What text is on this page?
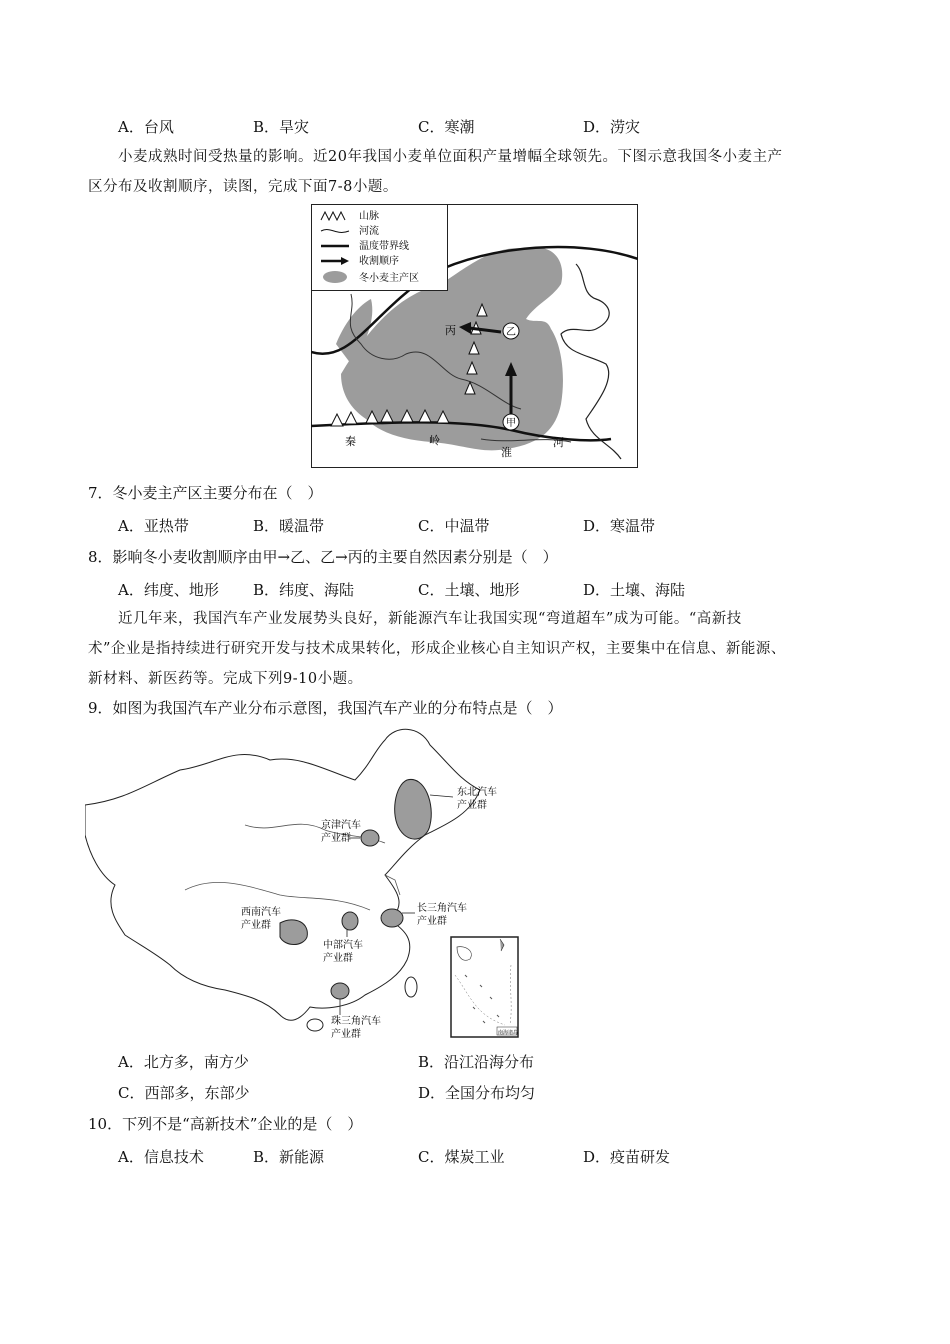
A．台风	B．旱灾	C．寒潮	D．涝灾
小麦成熟时间受热量的影响。近20年我国小麦单位面积产量增幅全球领先。下图示意我国冬小麦主产
区分布及收割顺序，读图，完成下面7-8小题。
乙
甲
丙
秦	岭
淮
河
山脉
河流
温度带界线
收割顺序
冬小麦主产区
7．冬小麦主产区主要分布在（　）
A．亚热带	B．暖温带	C．中温带	D．寒温带
8．影响冬小麦收割顺序由甲→乙、乙→丙的主要自然因素分别是（　）
A．纬度、地形 B．纬度、海陆	C．土壤、地形	D．土壤、海陆
近几年来，我国汽车产业发展势头良好，新能源汽车让我国实现“弯道超车”成为可能。“高新技
术”企业是指持续进行研究开发与技术成果转化，形成企业核心自主知识产权，主要集中在信息、新能源、
新材料、新医药等。完成下列9-10小题。
9．如图为我国汽车产业分布示意图，我国汽车产业的分布特点是（　）
东北汽车
产业群
京津汽车
产业群
西南汽车
产业群
中部汽车
产业群
长三角汽车
产业群
珠三角汽车
产业群	南海诸岛
A．北方多，南方少	B．沿江沿海分布
C．西部多，东部少	D．全国分布均匀
10．下列不是“高新技术”企业的是（　）
A．信息技术	B．新能源	C．煤炭工业	D．疫苗研发
